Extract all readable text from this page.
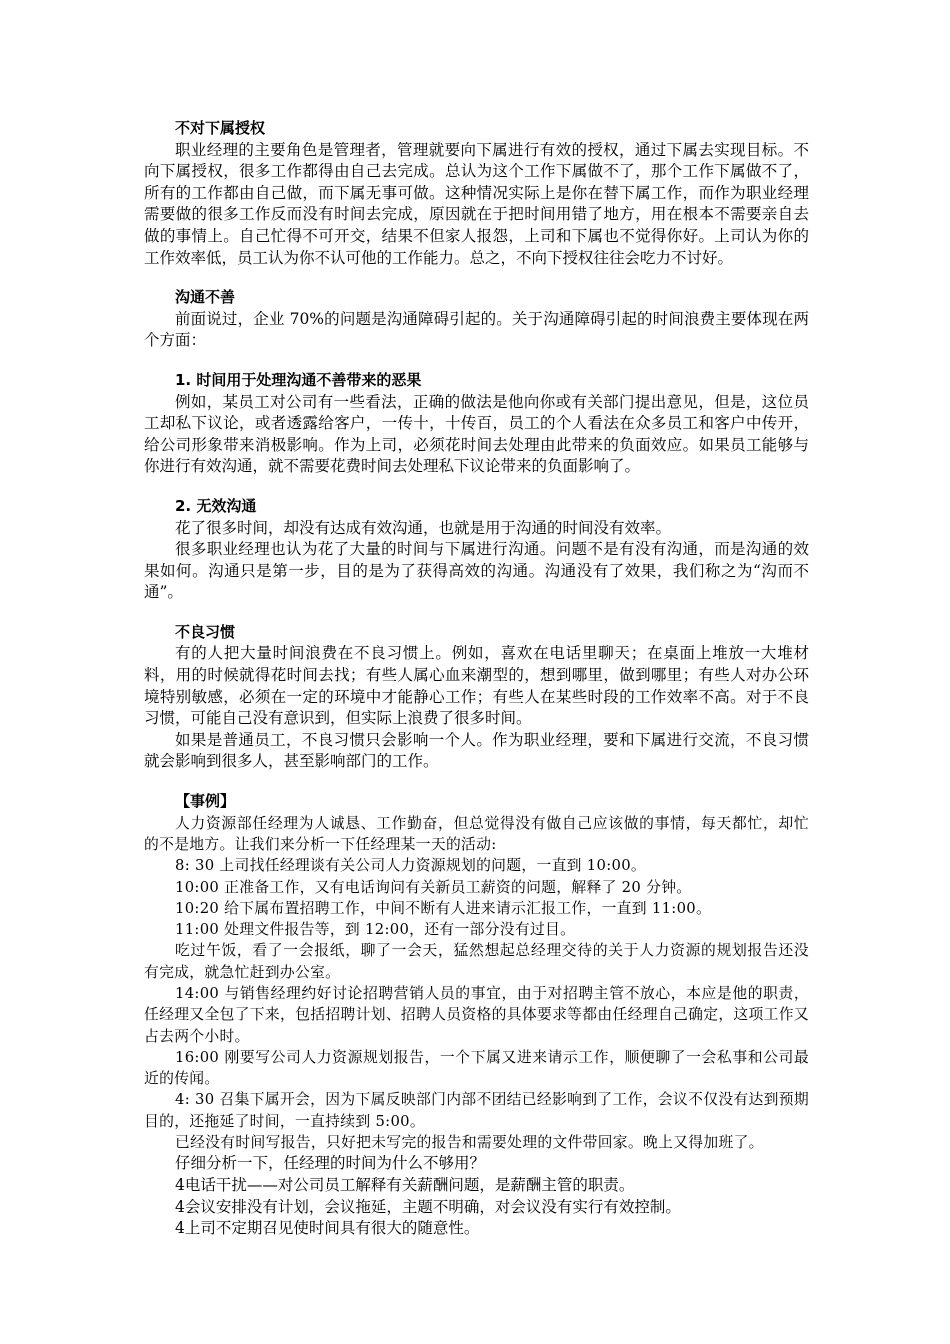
不对下属授权

职业经理的主要角色是管理者，管理就要向下属进行有效的授权，通过下属去实现目标。不向下属授权，很多工作都得由自己去完成。总认为这个工作下属做不了，那个工作下属做不了，所有的工作都由自己做，而下属无事可做。这种情况实际上是你在替下属工作，而作为职业经理需要做的很多工作反而没有时间去完成，原因就在于把时间用错了地方，用在根本不需要亲自去做的事情上。自己忙得不可开交，结果不但家人报怨，上司和下属也不觉得你好。上司认为你的工作效率低，员工认为你不认可他的工作能力。总之，不向下授权往往会吃力不讨好。

沟通不善

前面说过，企业 70%的问题是沟通障碍引起的。关于沟通障碍引起的时间浪费主要体现在两个方面：

1. 时间用于处理沟通不善带来的恶果

例如，某员工对公司有一些看法，正确的做法是他向你或有关部门提出意见，但是，这位员工却私下议论，或者透露给客户，一传十，十传百，员工的个人看法在众多员工和客户中传开，给公司形象带来消极影响。作为上司，必须花时间去处理由此带来的负面效应。如果员工能够与你进行有效沟通，就不需要花费时间去处理私下议论带来的负面影响了。

2. 无效沟通

花了很多时间，却没有达成有效沟通，也就是用于沟通的时间没有效率。

很多职业经理也认为花了大量的时间与下属进行沟通。问题不是有没有沟通，而是沟通的效果如何。沟通只是第一步，目的是为了获得高效的沟通。沟通没有了效果，我们称之为“沟而不通”。

不良习惯

有的人把大量时间浪费在不良习惯上。例如，喜欢在电话里聊天；在桌面上堆放一大堆材料，用的时候就得花时间去找；有些人属心血来潮型的，想到哪里，做到哪里；有些人对办公环境特别敏感，必须在一定的环境中才能静心工作；有些人在某些时段的工作效率不高。对于不良习惯，可能自己没有意识到，但实际上浪费了很多时间。

如果是普通员工，不良习惯只会影响一个人。作为职业经理，要和下属进行交流，不良习惯就会影响到很多人，甚至影响部门的工作。

【事例】

人力资源部任经理为人诚恳、工作勤奋，但总觉得没有做自己应该做的事情，每天都忙，却忙的不是地方。让我们来分析一下任经理某一天的活动:

8: 30 上司找任经理谈有关公司人力资源规划的问题，一直到 10:00。

10:00 正准备工作，又有电话询问有关新员工薪资的问题，解释了 20 分钟。

10:20 给下属布置招聘工作，中间不断有人进来请示汇报工作，一直到 11:00。

11:00 处理文件报告等，到 12:00，还有一部分没有过目。

吃过午饭，看了一会报纸，聊了一会天，猛然想起总经理交待的关于人力资源的规划报告还没有完成，就急忙赶到办公室。

14:00 与销售经理约好讨论招聘营销人员的事宜，由于对招聘主管不放心，本应是他的职责，任经理又全包了下来，包括招聘计划、招聘人员资格的具体要求等都由任经理自己确定，这项工作又占去两个小时。

16:00 刚要写公司人力资源规划报告，一个下属又进来请示工作，顺便聊了一会私事和公司最近的传闻。

4: 30 召集下属开会，因为下属反映部门内部不团结已经影响到了工作，会议不仅没有达到预期目的，还拖延了时间，一直持续到 5:00。

已经没有时间写报告，只好把未写完的报告和需要处理的文件带回家。晚上又得加班了。

仔细分析一下，任经理的时间为什么不够用？

4电话干扰——对公司员工解释有关薪酬问题，是薪酬主管的职责。

4会议安排没有计划，会议拖延，主题不明确，对会议没有实行有效控制。

4上司不定期召见使时间具有很大的随意性。
